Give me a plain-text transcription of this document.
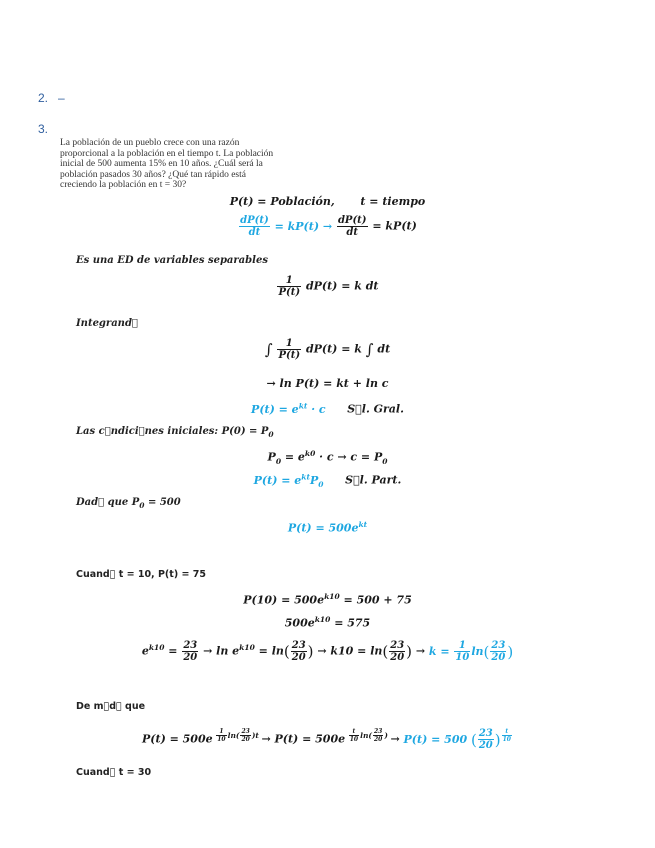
2. –
3.
La población de un pueblo crece con una razón proporcional a la población en el tiempo t. La población inicial de 500 aumenta 15% en 10 años. ¿Cuál será la población pasados 30 años? ¿Qué tan rápido está creciendo la población en t = 30?
P(t) = Población, t = tiempo
$\frac{dP(t)}{dt} = kP(t) \to \frac{dP(t)}{dt} = kP(t)$
Es una ED de variables separables
$\frac{1}{P(t)} dP(t) = k$ dt
Integrand 
∫ $\frac{1}{P(t)} dP(t) = k$ ∫ dt
→ ln P(t) = kt + ln c
$P(t) = e^{kt} \cdot c$ S l. Gral.
Las c ndici nes iniciales: $P(0) = P_0$
$P_0 = e^{k0} \cdot c \to c = P_0$
$P(t) = e^{kt}P_0$ S l. Part.
Dad  que $P_0 = 500$
$P(t) = 500e^{kt}$
Cuand  t = 10, P(t) = 75
$P(10) = 500e^{k10} = 500 + 75$
$500e^{k10} = 575$
$e^{k10} = \frac{23}{20} \to \ln e^{k10} = \ln( \frac{23}{20}$ ) → $k10 = \ln( \frac{23}{20}$ ) → $k = \frac{1}{10} \ln( \frac{23}{20}$ )
De m d  que
P(t) = 500e $^{\frac{1}{10} ln( \frac{23}{20} )t}$ → P(t) = 500e $^{\frac{t}{10} ln( \frac{23}{20} )}$ → P(t) = 500 ( $\frac{23}{20}$ ) $^{\frac{t}{10}}$
Cuand  t = 30
